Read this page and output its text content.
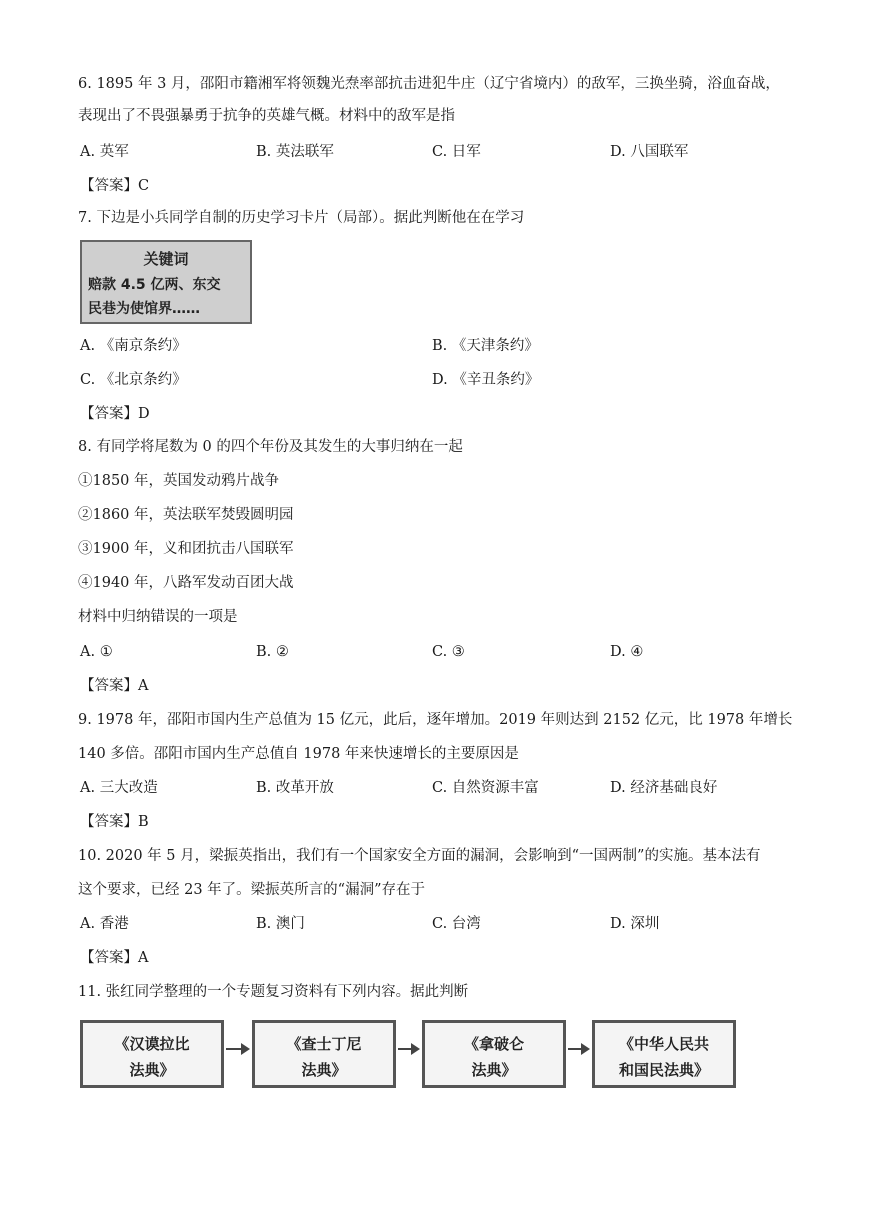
6. 1895 年 3 月，邵阳市籍湘军将领魏光焘率部抗击进犯牛庄（辽宁省境内）的敌军，三换坐骑，浴血奋战，
表现出了不畏强暴勇于抗争的英雄气概。材料中的敌军是指
A. 英军	B. 英法联军	C. 日军	D. 八国联军
【答案】C
7. 下边是小兵同学自制的历史学习卡片（局部）。据此判断他在在学习
关键词
赔款 4.5 亿两、东交
民巷为使馆界……
A. 《南京条约》	B. 《天津条约》
C. 《北京条约》	D. 《辛丑条约》
【答案】D
8. 有同学将尾数为 0 的四个年份及其发生的大事归纳在一起
①1850 年，英国发动鸦片战争
②1860 年，英法联军焚毁圆明园
③1900 年，义和团抗击八国联军
④1940 年，八路军发动百团大战
材料中归纳错误的一项是
A. ①	B. ②	C. ③	D. ④
【答案】A
9. 1978 年，邵阳市国内生产总值为 15 亿元，此后，逐年增加。2019 年则达到 2152 亿元，比 1978 年增长
140 多倍。邵阳市国内生产总值自 1978 年来快速增长的主要原因是
A. 三大改造	B. 改革开放	C. 自然资源丰富	D. 经济基础良好
【答案】B
10. 2020 年 5 月，梁振英指出，我们有一个国家安全方面的漏洞，会影响到“一国两制”的实施。基本法有
这个要求，已经 23 年了。梁振英所言的“漏洞”存在于
A. 香港	B. 澳门	C. 台湾	D. 深圳
【答案】A
11. 张红同学整理的一个专题复习资料有下列内容。据此判断
《汉谟拉比
法典》
《查士丁尼
法典》
《拿破仑
法典》
《中华人民共
和国民法典》
